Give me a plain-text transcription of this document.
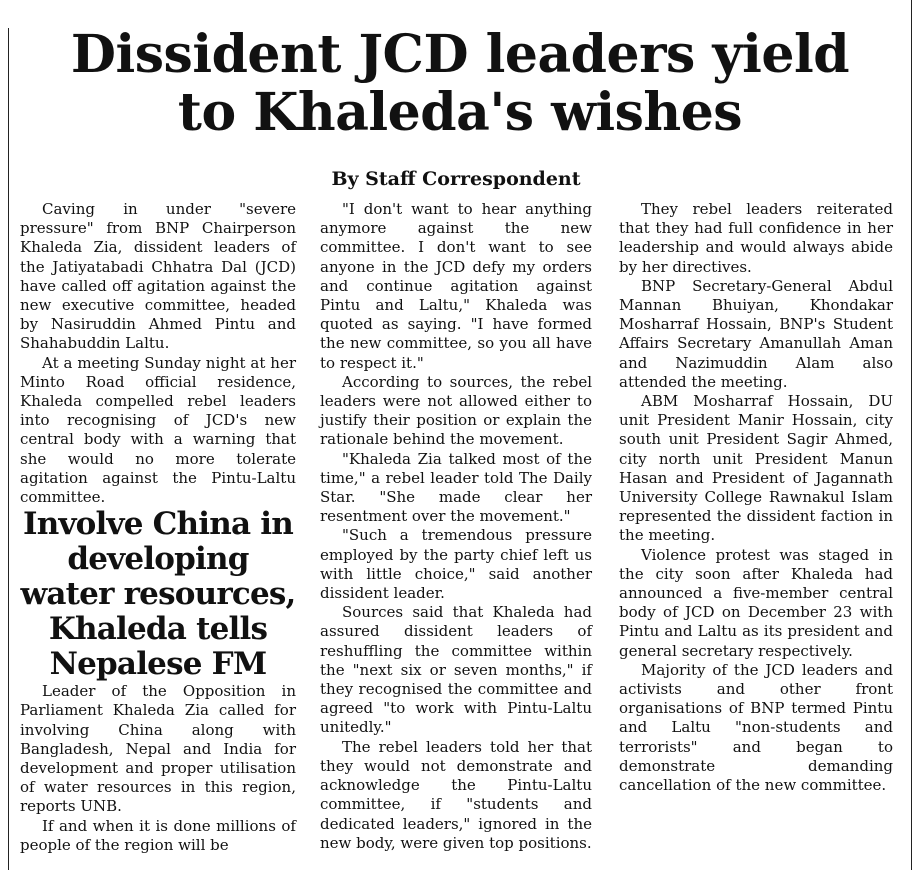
Dissident JCD leaders yield
to Khaleda's wishes
By Staff Correspondent

Caving in under "severe pressure" from BNP Chairperson Khaleda Zia, dissident leaders of the Jatiyatabadi Chhatra Dal (JCD) have called off agitation against the new executive committee, headed by Nasiruddin Ahmed Pintu and Shahabuddin Laltu.

At a meeting Sunday night at her Minto Road official residence, Khaleda compelled rebel leaders into recognising of JCD's new central body with a warning that she would no more tolerate agitation against the Pintu-Laltu committee.

Involve China in developing water resources, Khaleda tells Nepalese FM

Leader of the Opposition in Parliament Khaleda Zia called for involving China along with Bangladesh, Nepal and India for development and proper utilisation of water resources in this region, reports UNB.

If and when it is done millions of people of the region will be

"I don't want to hear anything anymore against the new committee. I don't want to see anyone in the JCD defy my orders and continue agitation against Pintu and Laltu," Khaleda was quoted as saying. "I have formed the new committee, so you all have to respect it."

According to sources, the rebel leaders were not allowed either to justify their position or explain the rationale behind the movement.

"Khaleda Zia talked most of the time," a rebel leader told The Daily Star. "She made clear her resentment over the movement."

"Such a tremendous pressure employed by the party chief left us with little choice," said another dissident leader.

Sources said that Khaleda had assured dissident leaders of reshuffling the committee within the "next six or seven months," if they recognised the committee and agreed "to work with Pintu-Laltu unitedly."

The rebel leaders told her that they would not demonstrate and acknowledge the Pintu-Laltu committee, if "students and dedicated leaders," ignored in the new body, were given top positions.

They rebel leaders reiterated that they had full confidence in her leadership and would always abide by her directives.

BNP Secretary-General Abdul Mannan Bhuiyan, Khondakar Mosharraf Hossain, BNP's Student Affairs Secretary Amanullah Aman and Nazimuddin Alam also attended the meeting.

ABM Mosharraf Hossain, DU unit President Manir Hossain, city south unit President Sagir Ahmed, city north unit President Manun Hasan and President of Jagannath University College Rawnakul Islam represented the dissident faction in the meeting.

Violence protest was staged in the city soon after Khaleda had announced a five-member central body of JCD on December 23 with Pintu and Laltu as its president and general secretary respectively.

Majority of the JCD leaders and activists and other front organisations of BNP termed Pintu and Laltu "non-students and terrorists" and began to demonstrate demanding cancellation of the new committee.
